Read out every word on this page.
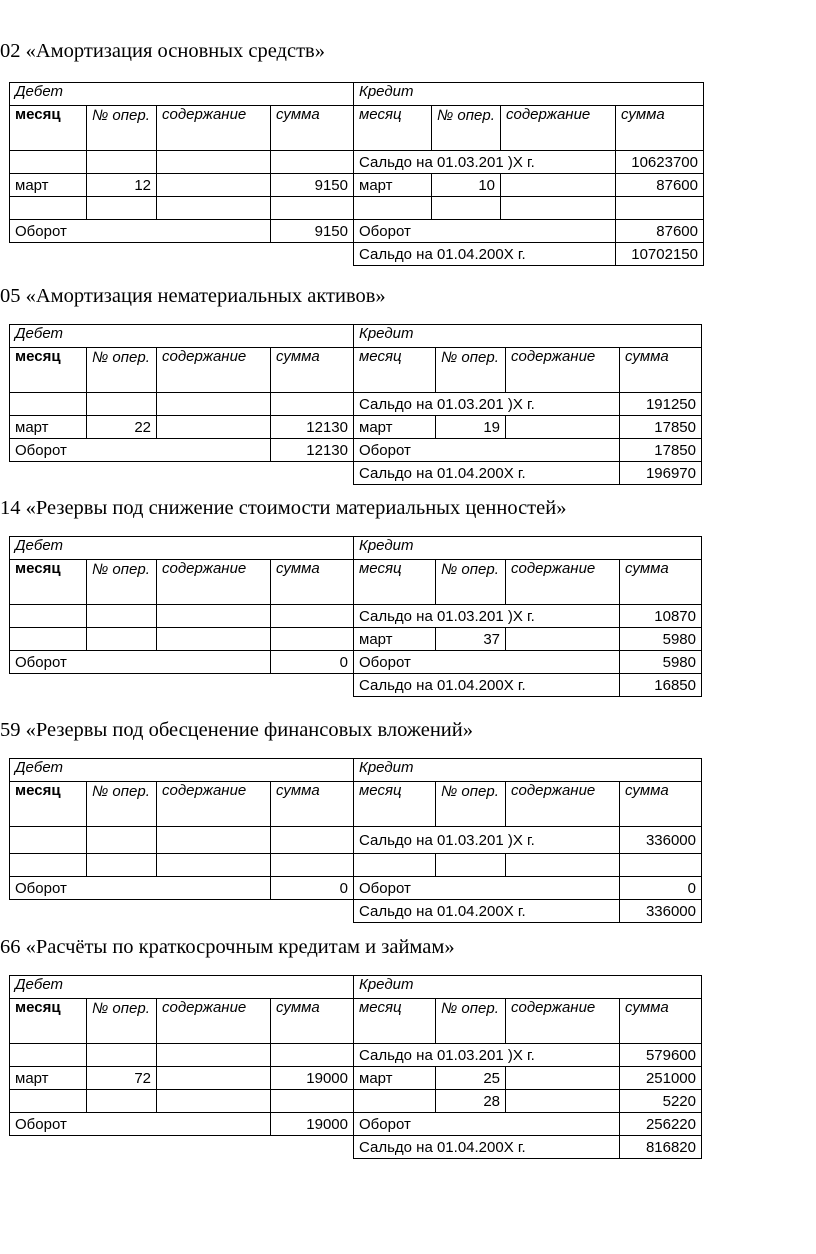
02 «Амортизация основных средств»
Дебет				Кредит			
месяц	№ опер.	содержание	сумма	месяц	№ опер.	содержание	сумма
				Сальдо на 01.03.201 )Х г.			10623700
март	12		9150	март	10		87600

Оборот			9150	Оборот			87600
				Сальдо на 01.04.200Х г.			10702150
05 «Амортизация нематериальных активов»
Дебет				Кредит			
месяц	№ опер.	содержание	сумма	месяц	№ опер.	содержание	сумма
				Сальдо на 01.03.201 )Х г.			191250
март	22		12130	март	19		17850
Оборот			12130	Оборот			17850
				Сальдо на 01.04.200Х г.			196970
14 «Резервы под снижение стоимости материальных ценностей»
Дебет				Кредит			
месяц	№ опер.	содержание	сумма	месяц	№ опер.	содержание	сумма
				Сальдо на 01.03.201 )Х г.			10870
				март	37		5980
Оборот			0	Оборот			5980
				Сальдо на 01.04.200Х г.			16850
59 «Резервы под обесценение финансовых вложений»
Дебет				Кредит			
месяц	№ опер.	содержание	сумма	месяц	№ опер.	содержание	сумма
				Сальдо на 01.03.201 )Х г.			336000

Оборот			0	Оборот			0
				Сальдо на 01.04.200Х г.			336000
66 «Расчёты по краткосрочным кредитам и займам»
Дебет				Кредит			
месяц	№ опер.	содержание	сумма	месяц	№ опер.	содержание	сумма
				Сальдо на 01.03.201 )Х г.			579600
март	72		19000	март	25		251000
					28		5220
Оборот			19000	Оборот			256220
				Сальдо на 01.04.200Х г.			816820
